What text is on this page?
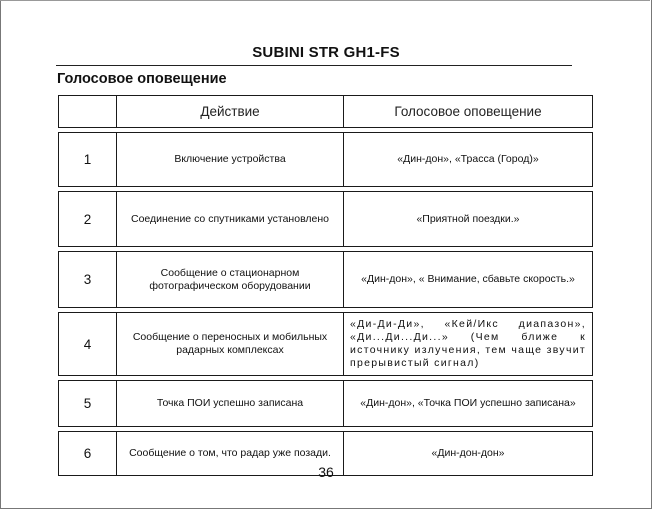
SUBINI STR GH1-FS
Голосовое оповещение
	Действие	Голосовое оповещение

1	Включение устройства	«Дин-дон», «Трасса (Город)»

2	Соединение со спутниками установлено	«Приятной поездки.»

3	Сообщение о стационарном фотографическом оборудовании	«Дин-дон», « Внимание, сбавьте скорость.»

4	Сообщение о переносных и мобильных радарных комплексах	«Ди-Ди-Ди», «Кей/Икс диапазон», «Ди...Ди...Ди...» (Чем ближе к источнику излучения, тем чаще звучит прерывистый сигнал)

5	Точка ПОИ успешно записана	«Дин-дон», «Точка ПОИ успешно записана»

6	Сообщение о том, что радар уже позади.	«Дин-дон-дон»
36
